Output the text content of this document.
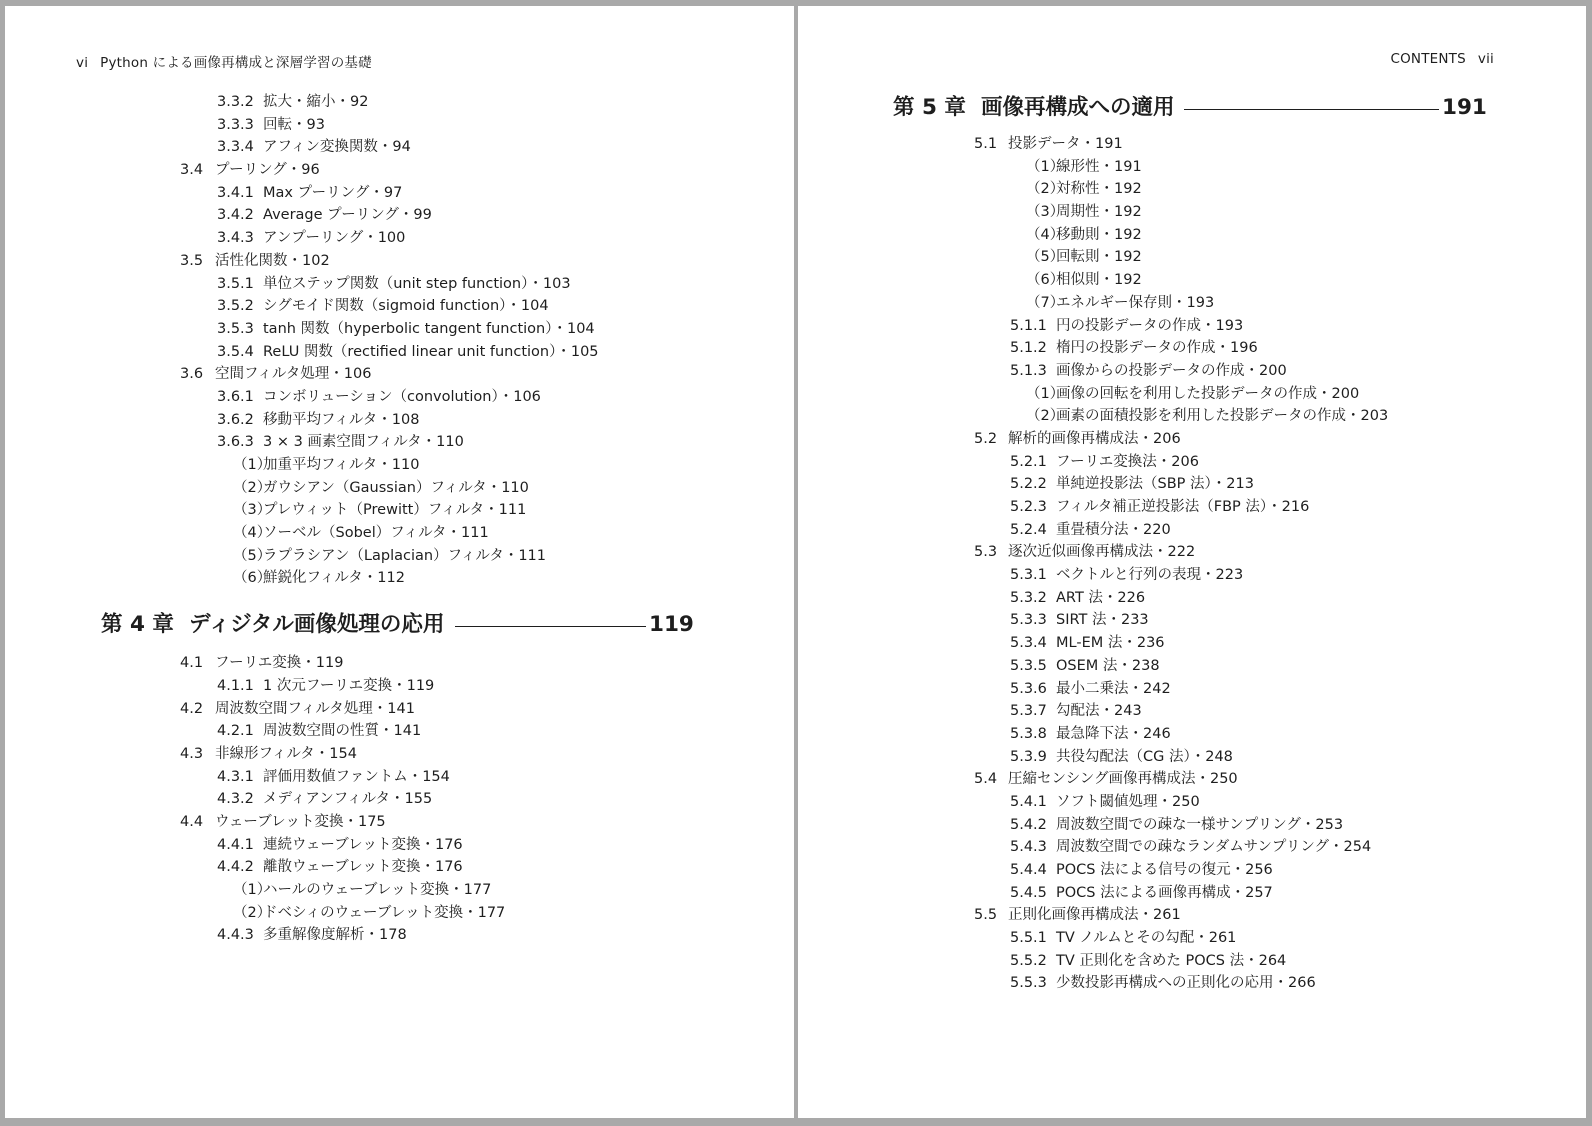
vi Python による画像再構成と深層学習の基礎
3.3.2 拡大・縮小・92
3.3.3 回転・93
3.3.4 アフィン変換関数・94
3.4 プーリング・96
3.4.1 Max プーリング・97
3.4.2 Average プーリング・99
3.4.3 アンプーリング・100
3.5 活性化関数・102
3.5.1 単位ステップ関数（unit step function）・103
3.5.2 シグモイド関数（sigmoid function）・104
3.5.3 tanh 関数（hyperbolic tangent function）・104
3.5.4 ReLU 関数（rectified linear unit function）・105
3.6 空間フィルタ処理・106
3.6.1 コンボリューション（convolution）・106
3.6.2 移動平均フィルタ・108
3.6.3 3 × 3 画素空間フィルタ・110
（1）
加重平均フィルタ・110
（2）
ガウシアン（Gaussian）フィルタ・110
（3）
プレウィット（Prewitt）フィルタ・111
（4）
ソーベル（Sobel）フィルタ・111
（5）
ラプラシアン（Laplacian）フィルタ・111
（6）
鮮鋭化フィルタ・112
第 4 章 ディジタル画像処理の応用	119
4.1 フーリエ変換・119
4.1.1 1 次元フーリエ変換・119
4.2 周波数空間フィルタ処理・141
4.2.1 周波数空間の性質・141
4.3 非線形フィルタ・154
4.3.1 評価用数値ファントム・154
4.3.2 メディアンフィルタ・155
4.4 ウェーブレット変換・175
4.4.1 連続ウェーブレット変換・176
4.4.2 離散ウェーブレット変換・176
（1）
ハールのウェーブレット変換・177
（2）
ドベシィのウェーブレット変換・177
4.4.3 多重解像度解析・178
CONTENTS vii
第 5 章 画像再構成への適用	191
5.1 投影データ・191
（1）
線形性・191
（2）
対称性・192
（3）
周期性・192
（4）
移動則・192
（5）
回転則・192
（6）
相似則・192
（7）
エネルギー保存則・193
5.1.1 円の投影データの作成・193
5.1.2 楕円の投影データの作成・196
5.1.3 画像からの投影データの作成・200
（1）
画像の回転を利用した投影データの作成・200
（2）
画素の面積投影を利用した投影データの作成・203
5.2 解析的画像再構成法・206
5.2.1 フーリエ変換法・206
5.2.2 単純逆投影法（SBP 法）・213
5.2.3 フィルタ補正逆投影法（FBP 法）・216
5.2.4 重畳積分法・220
5.3 逐次近似画像再構成法・222
5.3.1 ベクトルと行列の表現・223
5.3.2 ART 法・226
5.3.3 SIRT 法・233
5.3.4 ML-EM 法・236
5.3.5 OSEM 法・238
5.3.6 最小二乗法・242
5.3.7 勾配法・243
5.3.8 最急降下法・246
5.3.9 共役勾配法（CG 法）・248
5.4 圧縮センシング画像再構成法・250
5.4.1 ソフト閾値処理・250
5.4.2 周波数空間での疎な一様サンプリング・253
5.4.3 周波数空間での疎なランダムサンプリング・254
5.4.4 POCS 法による信号の復元・256
5.4.5 POCS 法による画像再構成・257
5.5 正則化画像再構成法・261
5.5.1 TV ノルムとその勾配・261
5.5.2 TV 正則化を含めた POCS 法・264
5.5.3 少数投影再構成への正則化の応用・266
